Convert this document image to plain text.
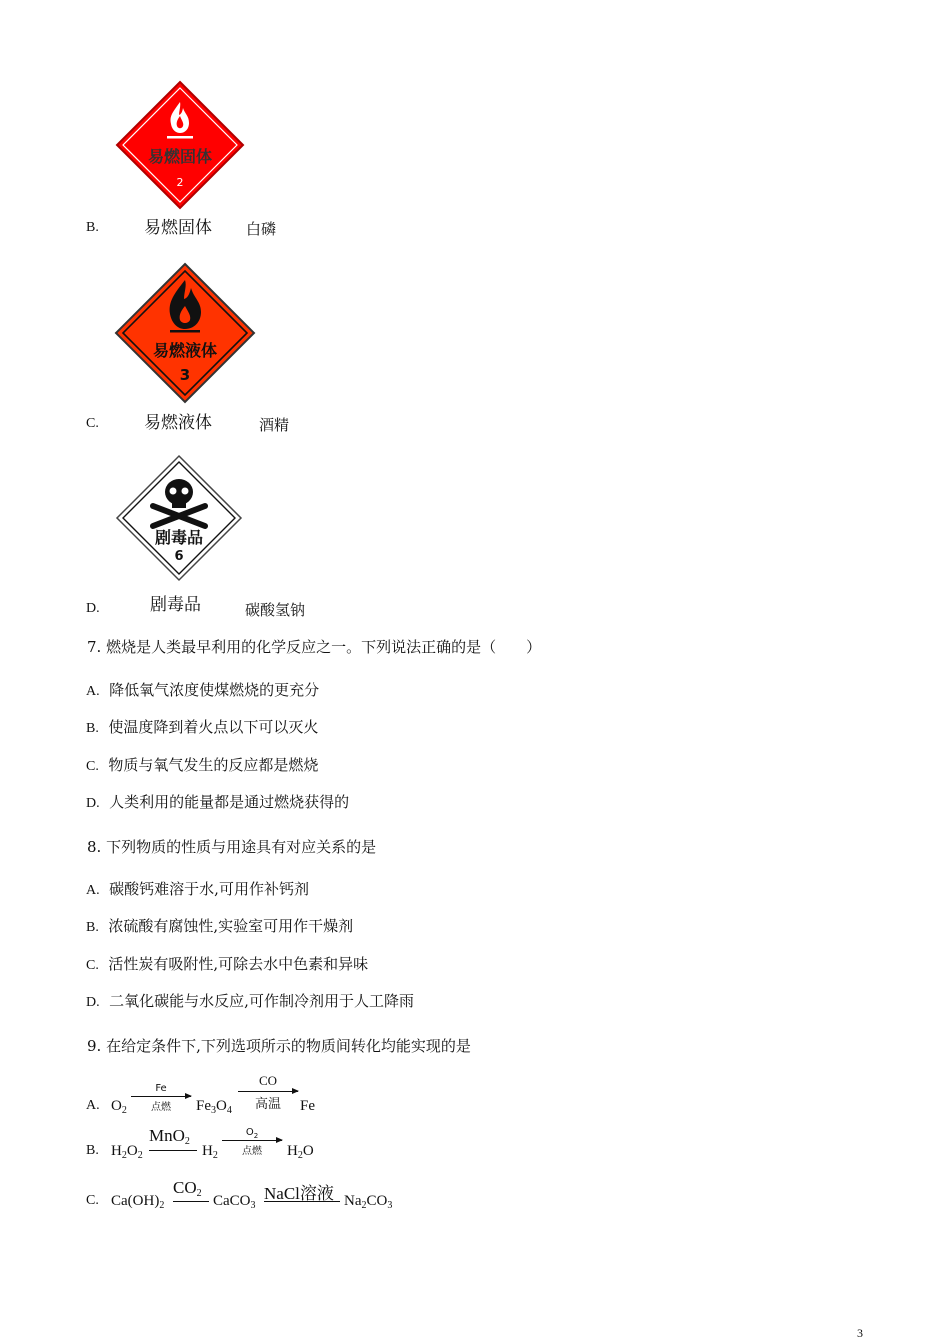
易燃固体
2
B.	易燃固体 白磷
易燃液体
3
C.	易燃液体	酒精
剧毒品
6
D.	剧毒品	碳酸氢钠
7. 燃烧是人类最早利用的化学反应之一。下列说法正确的是（　　）
A. 降低氧气浓度使煤燃烧的更充分
B. 使温度降到着火点以下可以灭火
C. 物质与氧气发生的反应都是燃烧
D. 人类利用的能量都是通过燃烧获得的
8. 下列物质的性质与用途具有对应关系的是
A. 碳酸钙难溶于水,可用作补钙剂
B. 浓硫酸有腐蚀性,实验室可用作干燥剂
C. 活性炭有吸附性,可除去水中色素和异味
D. 二氧化碳能与水反应,可作制冷剂用于人工降雨
9. 在给定条件下,下列选项所示的物质间转化均能实现的是
A. $O_2$
Fe
点燃	$Fe_3O_4$
CO
高温	Fe
B. $H_2O_2$
MnO$_2$
$H_2$
$O_2$
点燃	$H_2O$
C. $Ca(OH)_2$
$CO_2$ CaCO$_3$
NaCl溶液 $Na_2CO_3$
3
